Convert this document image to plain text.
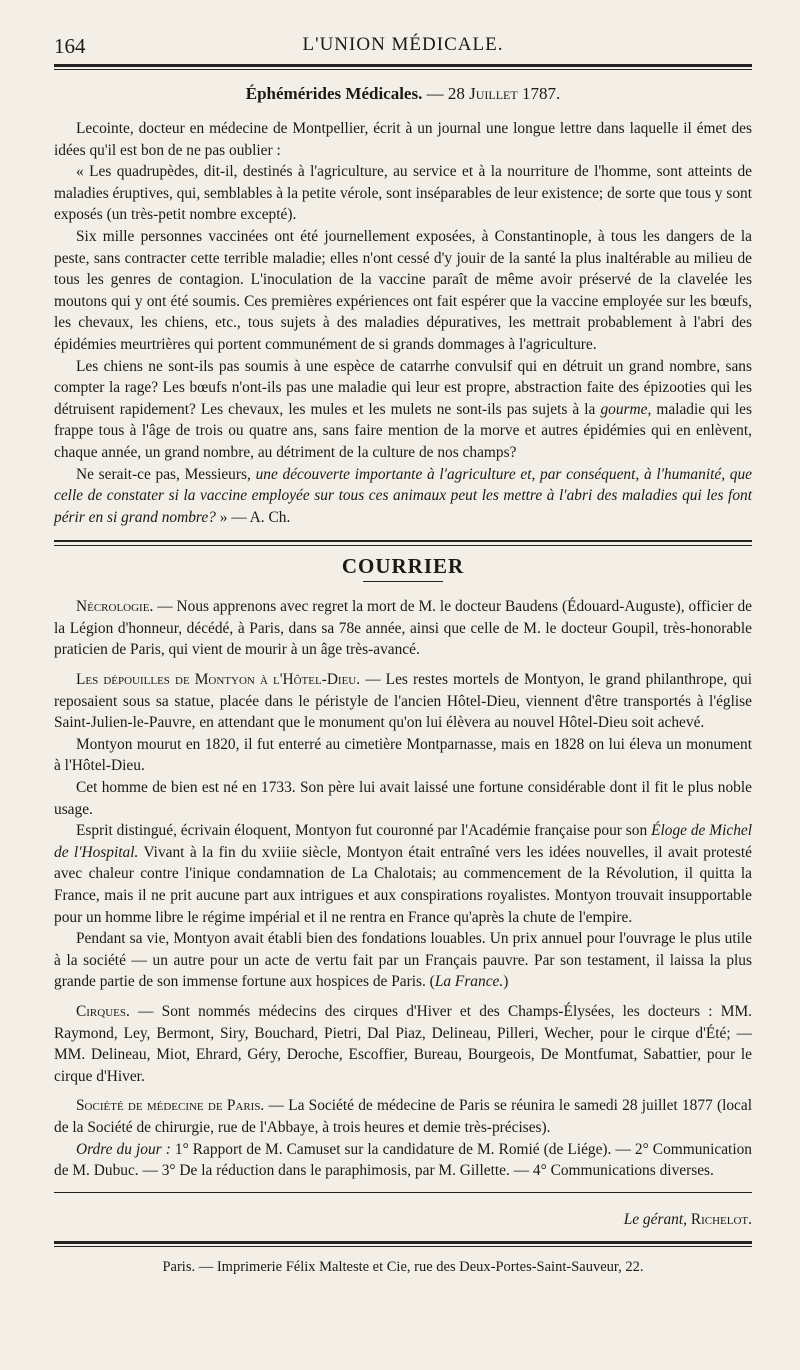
164	L'UNION MÉDICALE.
Éphémérides Médicales. — 28 Juillet 1787.

Lecointe, docteur en médecine de Montpellier, écrit à un journal une longue lettre dans laquelle il émet des idées qu'il est bon de ne pas oublier :

« Les quadrupèdes, dit-il, destinés à l'agriculture, au service et à la nourriture de l'homme, sont atteints de maladies éruptives, qui, semblables à la petite vérole, sont inséparables de leur existence; de sorte que tous y sont exposés (un très-petit nombre excepté).

Six mille personnes vaccinées ont été journellement exposées, à Constantinople, à tous les dangers de la peste, sans contracter cette terrible maladie; elles n'ont cessé d'y jouir de la santé la plus inaltérable au milieu de tous les genres de contagion. L'inoculation de la vaccine paraît de même avoir préservé de la clavelée les moutons qui y ont été soumis. Ces premières expériences ont fait espérer que la vaccine employée sur les bœufs, les chevaux, les chiens, etc., tous sujets à des maladies dépuratives, les mettrait probablement à l'abri des épidémies meurtrières qui portent communément de si grands dommages à l'agriculture.

Les chiens ne sont-ils pas soumis à une espèce de catarrhe convulsif qui en détruit un grand nombre, sans compter la rage? Les bœufs n'ont-ils pas une maladie qui leur est propre, abstraction faite des épizooties qui les détruisent rapidement? Les chevaux, les mules et les mulets ne sont-ils pas sujets à la gourme, maladie qui les frappe tous à l'âge de trois ou quatre ans, sans faire mention de la morve et autres épidémies qui en enlèvent, chaque année, un grand nombre, au détriment de la culture de nos champs?

Ne serait-ce pas, Messieurs, une découverte importante à l'agriculture et, par conséquent, à l'humanité, que celle de constater si la vaccine employée sur tous ces animaux peut les mettre à l'abri des maladies qui les font périr en si grand nombre? » — A. Ch.

COURRIER

Nécrologie. — Nous apprenons avec regret la mort de M. le docteur Baudens (Édouard-Auguste), officier de la Légion d'honneur, décédé, à Paris, dans sa 78e année, ainsi que celle de M. le docteur Goupil, très-honorable praticien de Paris, qui vient de mourir à un âge très-avancé.

Les dépouilles de Montyon à l'Hôtel-Dieu. — Les restes mortels de Montyon, le grand philanthrope, qui reposaient sous sa statue, placée dans le péristyle de l'ancien Hôtel-Dieu, viennent d'être transportés à l'église Saint-Julien-le-Pauvre, en attendant que le monument qu'on lui élèvera au nouvel Hôtel-Dieu soit achevé.

Montyon mourut en 1820, il fut enterré au cimetière Montparnasse, mais en 1828 on lui éleva un monument à l'Hôtel-Dieu.

Cet homme de bien est né en 1733. Son père lui avait laissé une fortune considérable dont il fit le plus noble usage.

Esprit distingué, écrivain éloquent, Montyon fut couronné par l'Académie française pour son Éloge de Michel de l'Hospital. Vivant à la fin du xviiie siècle, Montyon était entraîné vers les idées nouvelles, il avait protesté avec chaleur contre l'inique condamnation de La Chalotais; au commencement de la Révolution, il quitta la France, mais il ne prit aucune part aux intrigues et aux conspirations royalistes. Montyon trouvait insupportable pour un homme libre le régime impérial et il ne rentra en France qu'après la chute de l'empire.

Pendant sa vie, Montyon avait établi bien des fondations louables. Un prix annuel pour l'ouvrage le plus utile à la société — un autre pour un acte de vertu fait par un Français pauvre. Par son testament, il laissa la plus grande partie de son immense fortune aux hospices de Paris. (La France.)

Cirques. — Sont nommés médecins des cirques d'Hiver et des Champs-Élysées, les docteurs : MM. Raymond, Ley, Bermont, Siry, Bouchard, Pietri, Dal Piaz, Delineau, Pilleri, Wecher, pour le cirque d'Été; — MM. Delineau, Miot, Ehrard, Géry, Deroche, Escoffier, Bureau, Bourgeois, De Montfumat, Sabattier, pour le cirque d'Hiver.

Société de médecine de Paris. — La Société de médecine de Paris se réunira le samedi 28 juillet 1877 (local de la Société de chirurgie, rue de l'Abbaye, à trois heures et demie très-précises).

Ordre du jour : 1° Rapport de M. Camuset sur la candidature de M. Romié (de Liége). — 2° Communication de M. Dubuc. — 3° De la réduction dans le paraphimosis, par M. Gillette. — 4° Communications diverses.

Le gérant, Richelot.
Paris. — Imprimerie Félix Malteste et Cie, rue des Deux-Portes-Saint-Sauveur, 22.
